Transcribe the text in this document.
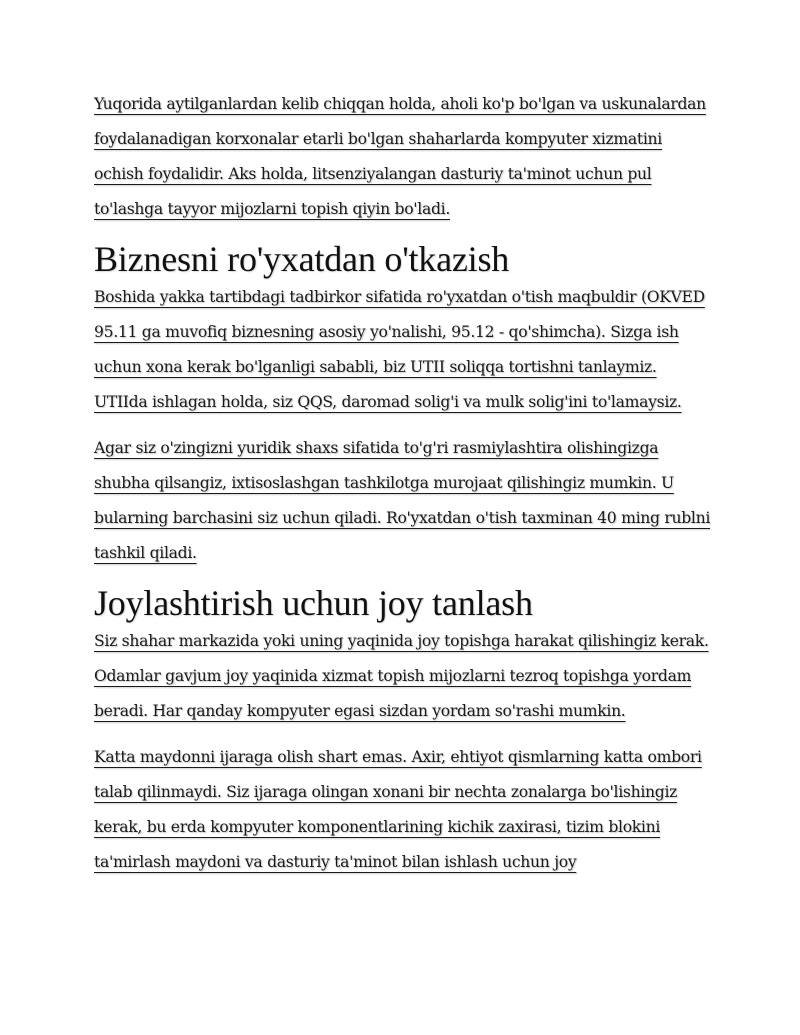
Yuqorida aytilganlardan kelib chiqqan holda, aholi ko'p bo'lgan va uskunalardan foydalanadigan korxonalar etarli bo'lgan shaharlarda kompyuter xizmatini ochish foydalidir. Aks holda, litsenziyalangan dasturiy ta'minot uchun pul to'lashga tayyor mijozlarni topish qiyin bo'ladi.

Biznesni ro'yxatdan o'tkazish

Boshida yakka tartibdagi tadbirkor sifatida ro'yxatdan o'tish maqbuldir (OKVED 95.11 ga muvofiq biznesning asosiy yo'nalishi, 95.12 - qo'shimcha). Sizga ish uchun xona kerak bo'lganligi sababli, biz UTII soliqqa tortishni tanlaymiz. UTIIda ishlagan holda, siz QQS, daromad solig'i va mulk solig'ini to'lamaysiz.

Agar siz o'zingizni yuridik shaxs sifatida to'g'ri rasmiylashtira olishingizga shubha qilsangiz, ixtisoslashgan tashkilotga murojaat qilishingiz mumkin. U bularning barchasini siz uchun qiladi. Ro'yxatdan o'tish taxminan 40 ming rublni tashkil qiladi.

Joylashtirish uchun joy tanlash

Siz shahar markazida yoki uning yaqinida joy topishga harakat qilishingiz kerak. Odamlar gavjum joy yaqinida xizmat topish mijozlarni tezroq topishga yordam beradi. Har qanday kompyuter egasi sizdan yordam so'rashi mumkin.

Katta maydonni ijaraga olish shart emas. Axir, ehtiyot qismlarning katta ombori talab qilinmaydi. Siz ijaraga olingan xonani bir nechta zonalarga bo'lishingiz kerak, bu erda kompyuter komponentlarining kichik zaxirasi, tizim blokini ta'mirlash maydoni va dasturiy ta'minot bilan ishlash uchun joy
